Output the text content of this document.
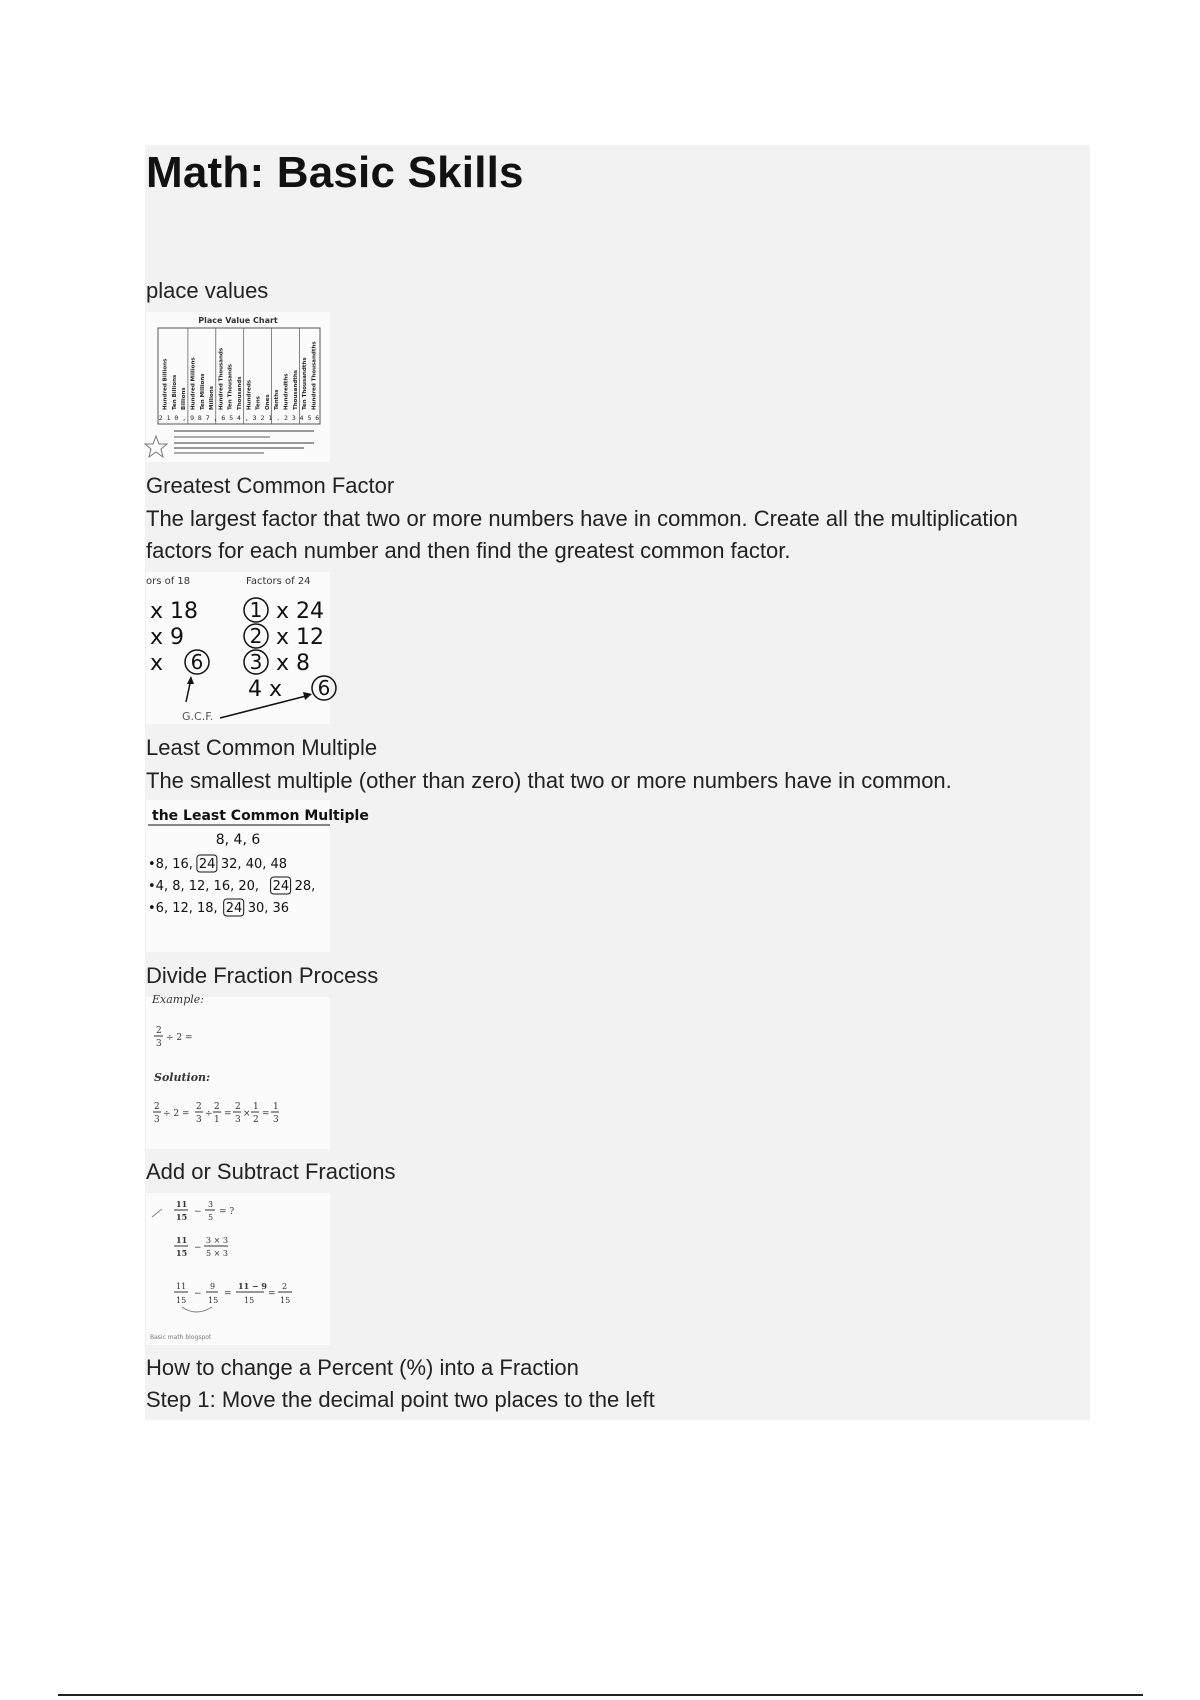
Math: Basic Skills

place values

Place Value Chart
Hundred Billions Ten Billions Billions Hundred Millions Ten Millions Millions Hundred Thousands Ten Thousands Thousands Hundreds Tens Ones Tenths Hundredths Thousandths Ten Thousandths Hundred Thousandths
2 1 0 , 9 8 7 , 6 5 4 , 3 2 1 . 2 3 4 5 6

Greatest Common Factor

The largest factor that two or more numbers have in common. Create all the multiplication factors for each number and then find the greatest common factor.

ors of 18	Factors of 24
x 18
x 9
x 6
1
2
3
x 24
x 12
x 8
4 x 6
G.C.F.

Least Common Multiple

The smallest multiple (other than zero) that two or more numbers have in common.

the Least Common Multiple
8, 4, 6
•8, 16, 24 32, 40, 48
•4, 8, 12, 16, 20, 24 28,
•6, 12, 18, 24 30, 36

Divide Fraction Process

Example:
2
3
÷ 2 =
Solution:
2
3
÷ 2 =
2
3
÷
2
1
=
2
3
×
1
2
=
1
3

Add or Subtract Fractions

11
15 −
3
5
= ?
11
15 −
3 × 3
5 × 3
11
15
−
9
15
=
11 − 9
15
=
2
15
Basic math blogspot

How to change a Percent (%) into a Fraction

Step 1: Move the decimal point two places to the left
